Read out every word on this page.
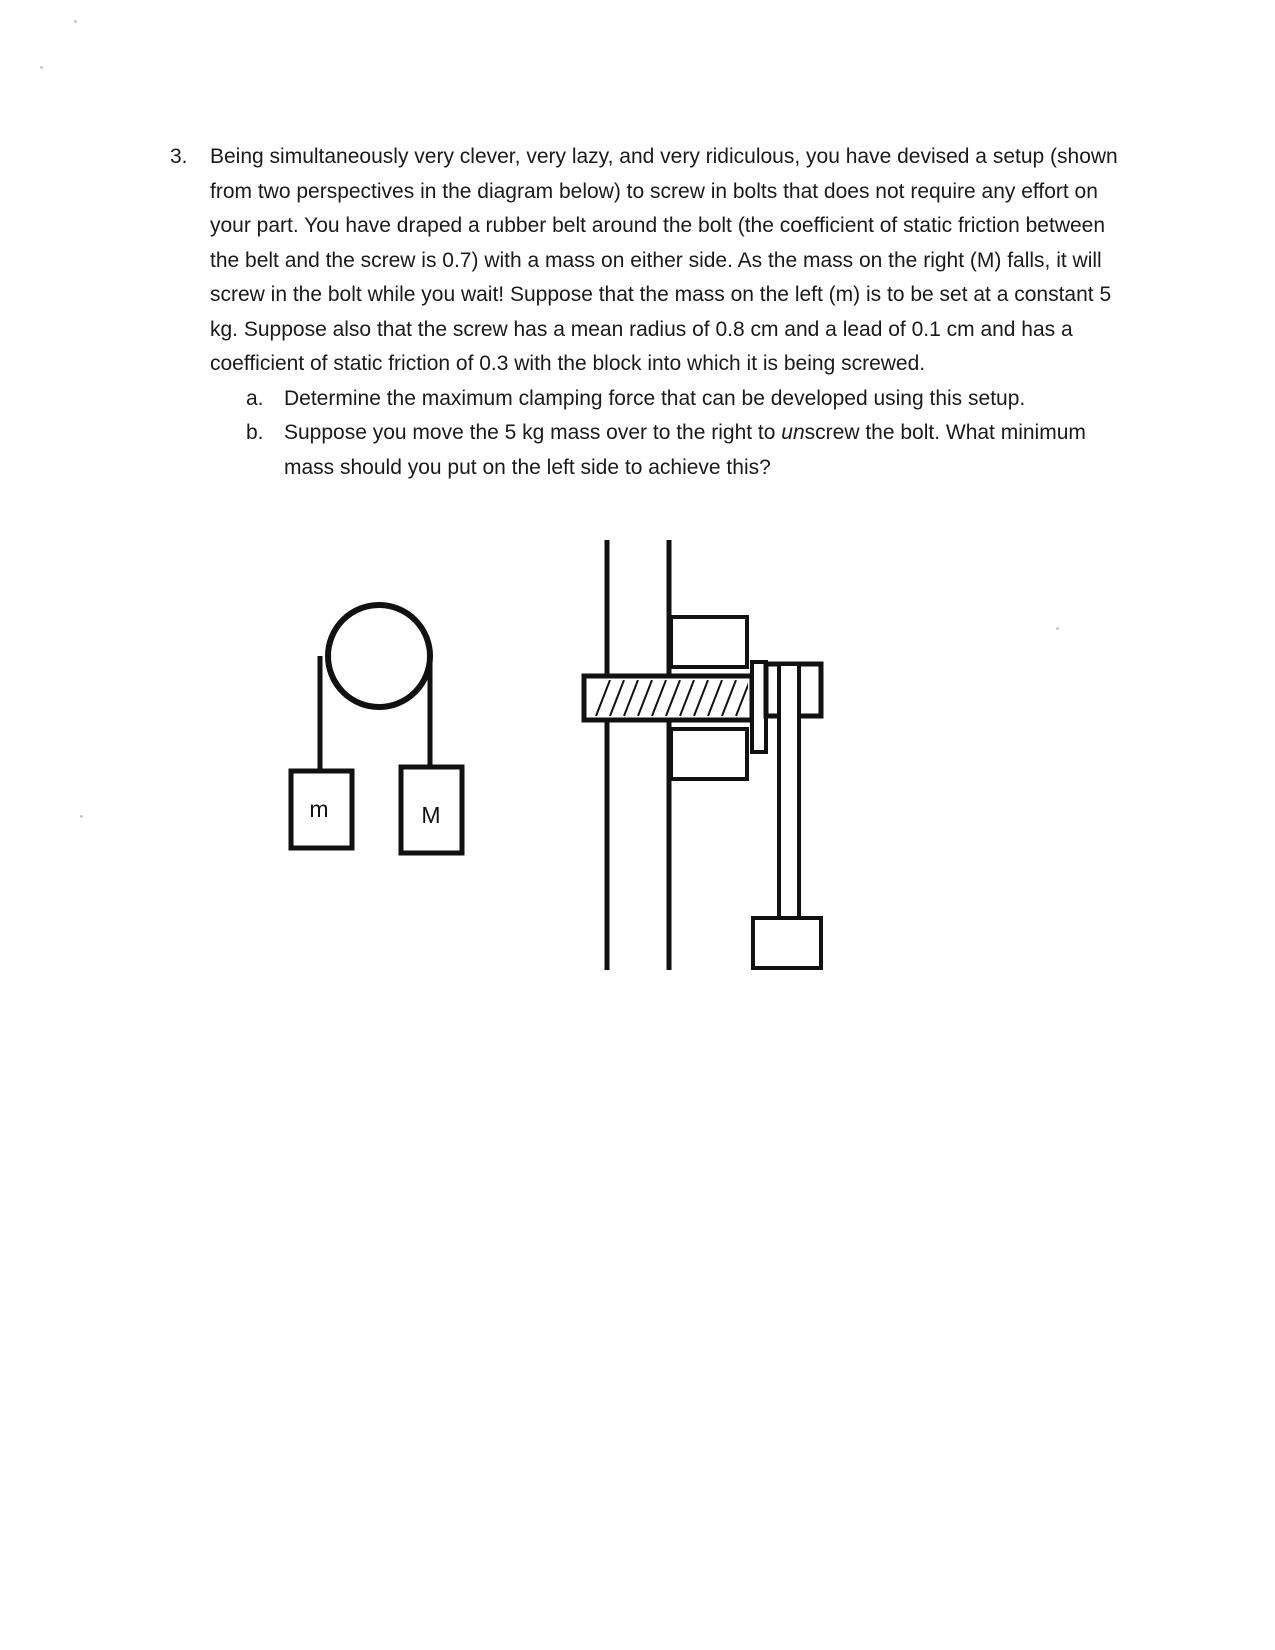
3.	Being simultaneously very clever, very lazy, and very ridiculous, you have devised a setup (shown from two perspectives in the diagram below) to screw in bolts that does not require any effort on your part. You have draped a rubber belt around the bolt (the coefficient of static friction between the belt and the screw is 0.7) with a mass on either side. As the mass on the right (M) falls, it will screw in the bolt while you wait! Suppose that the mass on the left (m) is to be set at a constant 5 kg. Suppose also that the screw has a mean radius of 0.8 cm and a lead of 0.1 cm and has a coefficient of static friction of 0.3 with the block into which it is being screwed.
a. Determine the maximum clamping force that can be developed using this setup.
b. Suppose you move the 5 kg mass over to the right to unscrew the bolt. What minimum mass should you put on the left side to achieve this?
m	M
